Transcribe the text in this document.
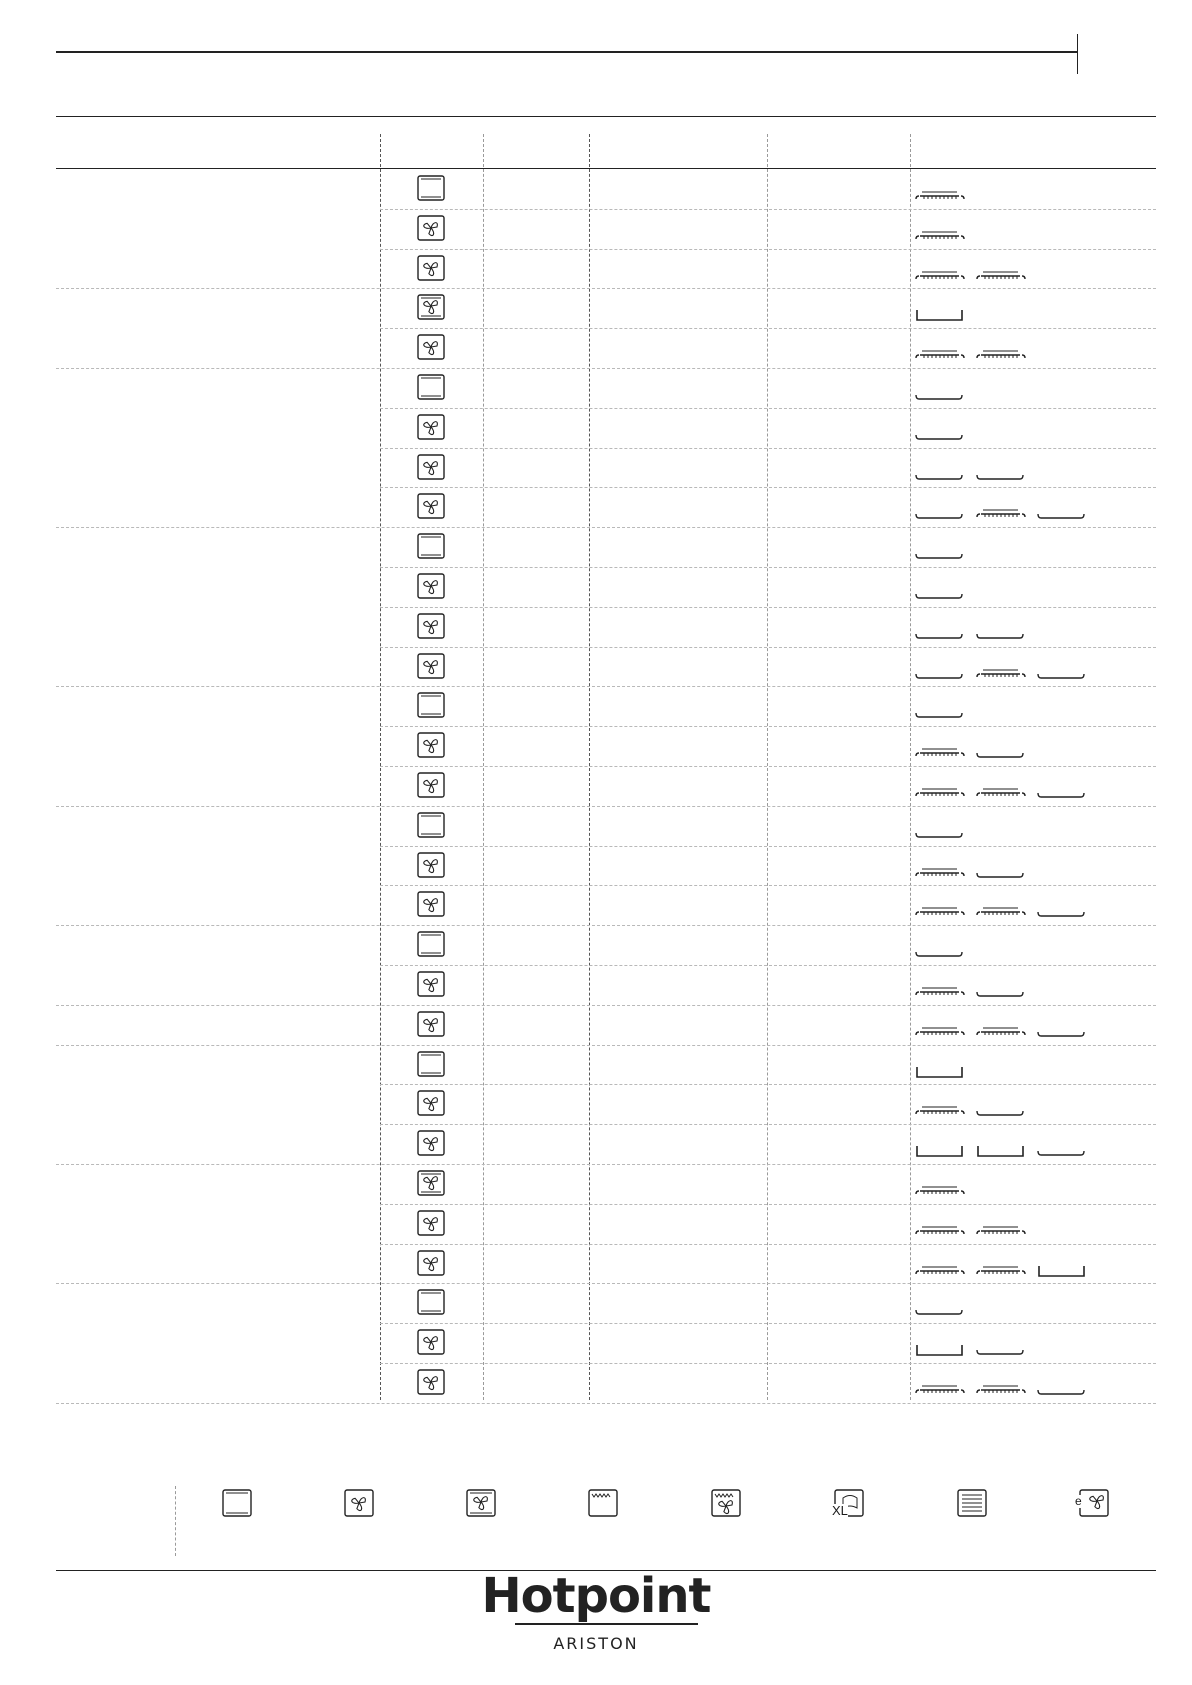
XL
e
Hotpoint
ARISTON
